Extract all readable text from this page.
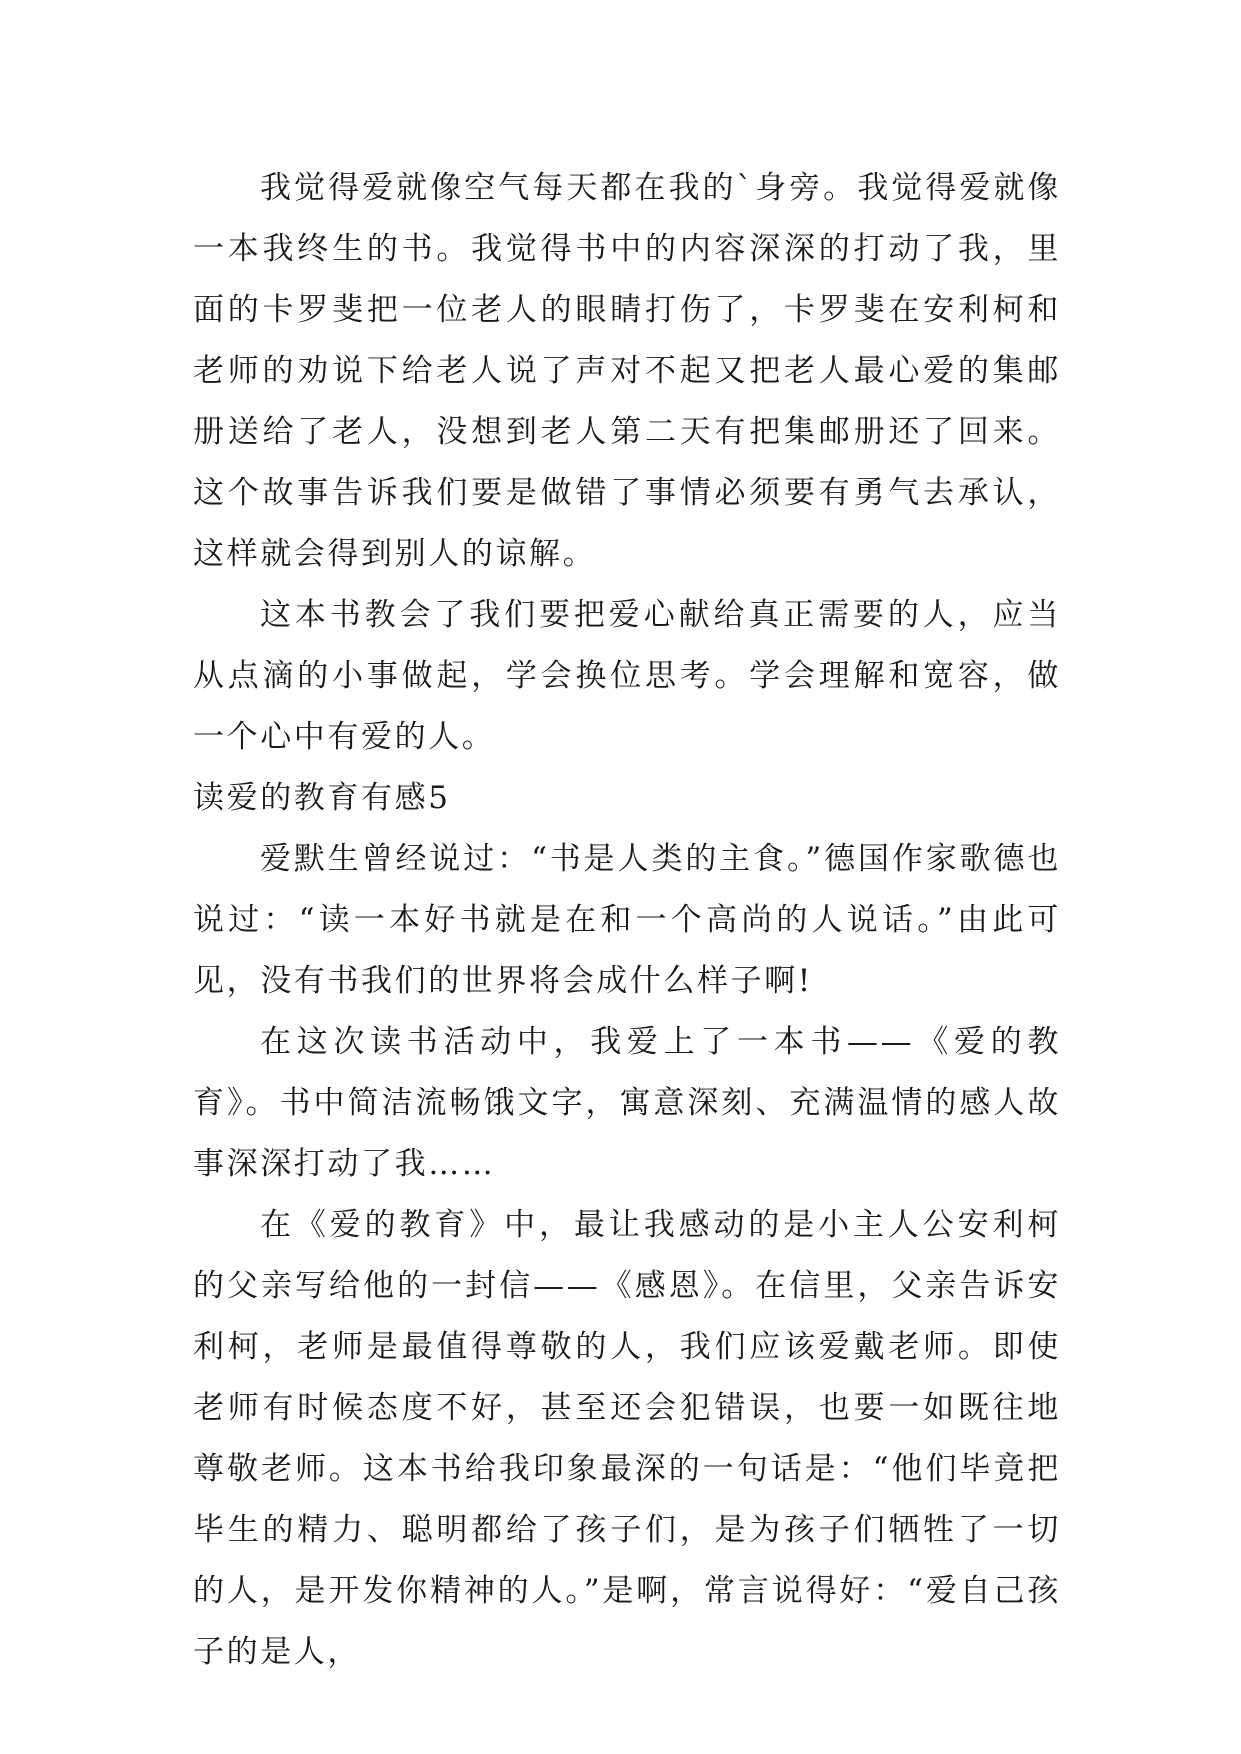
我觉得爱就像空气每天都在我的`身旁。我觉得爱就像一本我终生的书。我觉得书中的内容深深的打动了我，里面的卡罗斐把一位老人的眼睛打伤了，卡罗斐在安利柯和老师的劝说下给老人说了声对不起又把老人最心爱的集邮册送给了老人，没想到老人第二天有把集邮册还了回来。这个故事告诉我们要是做错了事情必须要有勇气去承认，这样就会得到别人的谅解。

这本书教会了我们要把爱心献给真正需要的人，应当从点滴的小事做起，学会换位思考。学会理解和宽容，做一个心中有爱的人。

读爱的教育有感5

爱默生曾经说过：“书是人类的主食。”德国作家歌德也说过：“读一本好书就是在和一个高尚的人说话。”由此可见，没有书我们的世界将会成什么样子啊!

在这次读书活动中，我爱上了一本书——《爱的教育》。书中简洁流畅饿文字，寓意深刻、充满温情的感人故事深深打动了我……

在《爱的教育》中，最让我感动的是小主人公安利柯的父亲写给他的一封信——《感恩》。在信里，父亲告诉安利柯，老师是最值得尊敬的人，我们应该爱戴老师。即使老师有时候态度不好，甚至还会犯错误，也要一如既往地尊敬老师。这本书给我印象最深的一句话是：“他们毕竟把毕生的精力、聪明都给了孩子们，是为孩子们牺牲了一切的人，是开发你精神的人。”是啊，常言说得好：“爱自己孩子的是人，
